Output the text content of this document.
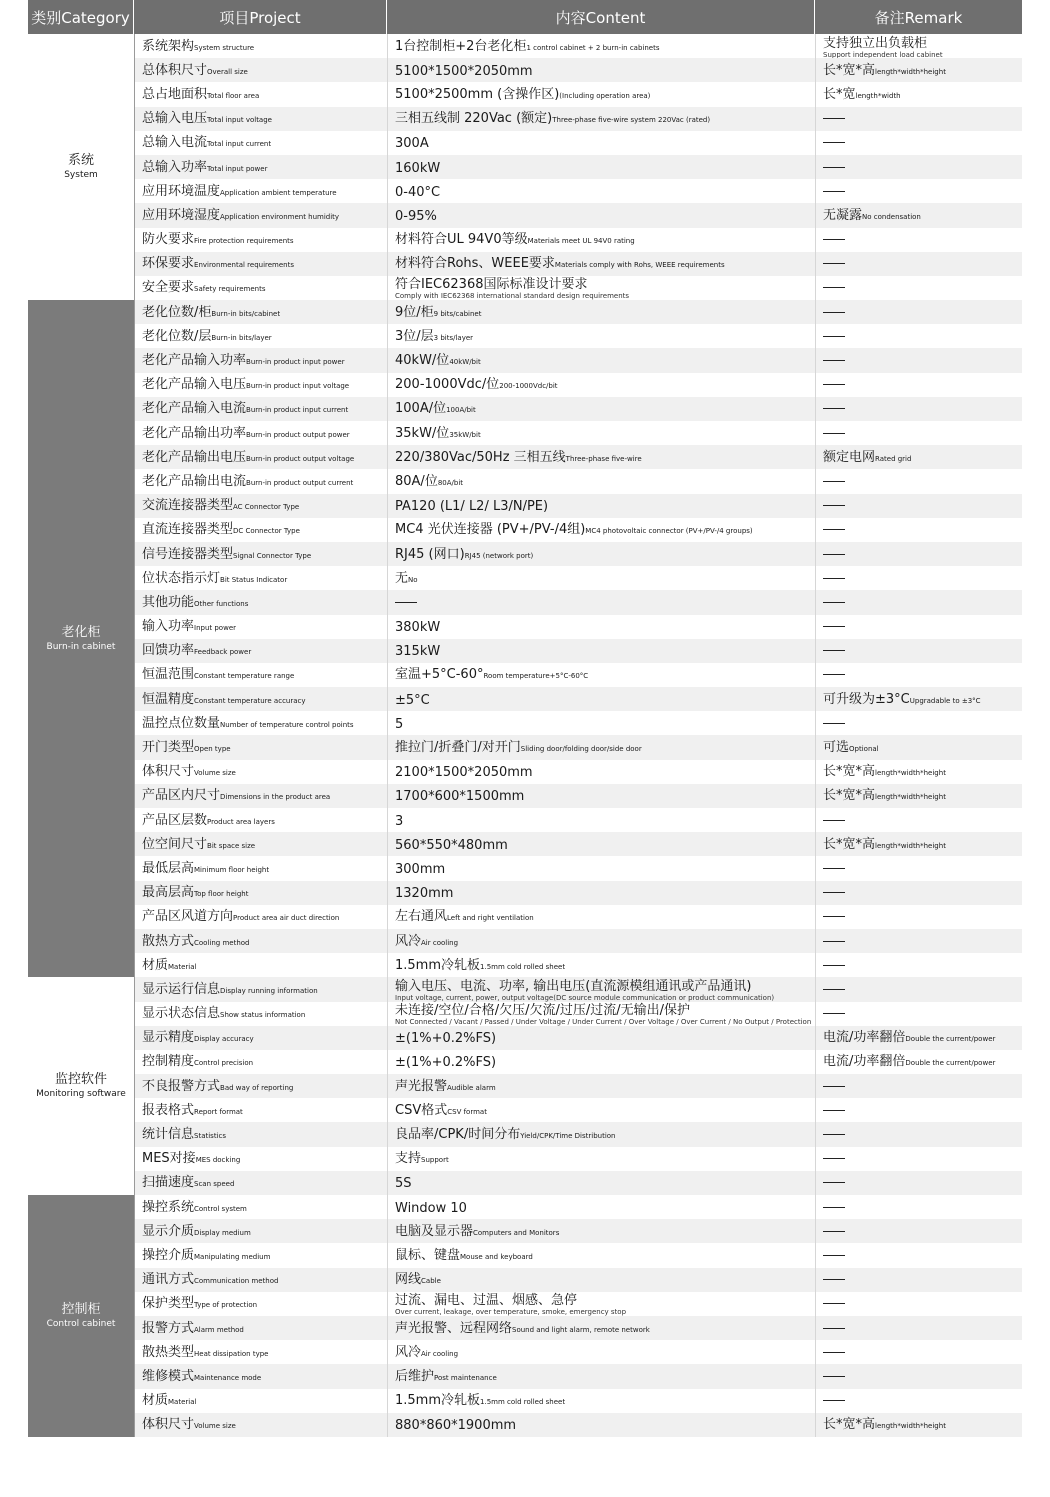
类别Category	项目Project	内容Content	备注Remark
系统
System
系统架构System structure	1台控制柜+2台老化柜1 control cabinet + 2 burn-in cabinets	支持独立出负载柜
Support independent load cabinet
总体积尺寸Overall size	5100*1500*2050mm	长*宽*高length*width*height
总占地面积Total floor area	5100*2500mm (含操作区)(Including operation area)	长*宽length*width
总输入电压Total input voltage	三相五线制 220Vac (额定)Three-phase five-wire system 220Vac (rated)
总输入电流Total input current	300A
总输入功率Total input power	160kW
应用环境温度Application ambient temperature	0-40°C
应用环境湿度Application environment humidity	0-95%	无凝露No condensation
防火要求Fire protection requirements	材料符合UL 94V0等级Materials meet UL 94V0 rating
环保要求Environmental requirements	材料符合Rohs、WEEE要求Materials comply with Rohs, WEEE requirements
安全要求Safety requirements	符合IEC62368国际标准设计要求
Comply with IEC62368 international standard design requirements
老化柜
Burn-in cabinet
老化位数/柜Burn-in bits/cabinet	9位/柜9 bits/cabinet
老化位数/层Burn-in bits/layer	3位/层3 bits/layer
老化产品输入功率Burn-in product input power	40kW/位40kW/bit
老化产品输入电压Burn-in product input voltage	200-1000Vdc/位200-1000Vdc/bit
老化产品输入电流Burn-in product input current	100A/位100A/bit
老化产品输出功率Burn-in product output power	35kW/位35kW/bit
老化产品输出电压Burn-in product output voltage	220/380Vac/50Hz 三相五线Three-phase five-wire	额定电网Rated grid
老化产品输出电流Burn-in product output current	80A/位80A/bit
交流连接器类型AC Connector Type	PA120 (L1/ L2/ L3/N/PE)
直流连接器类型DC Connector Type	MC4 光伏连接器 (PV+/PV-/4组)MC4 photovoltaic connector (PV+/PV-/4 groups)
信号连接器类型Signal Connector Type	RJ45 (网口)RJ45 (network port)
位状态指示灯Bit Status Indicator	无No
其他功能Other functions
输入功率Input power	380kW
回馈功率Feedback power	315kW
恒温范围Constant temperature range	室温+5°C-60°Room temperature+5°C-60°C
恒温精度Constant temperature accuracy	±5°C	可升级为±3°CUpgradable to ±3°C
温控点位数量Number of temperature control points	5
开门类型Open type	推拉门/折叠门/对开门Sliding door/folding door/side door	可选Optional
体积尺寸Volume size	2100*1500*2050mm	长*宽*高length*width*height
产品区内尺寸Dimensions in the product area	1700*600*1500mm	长*宽*高length*width*height
产品区层数Product area layers	3
位空间尺寸Bit space size	560*550*480mm	长*宽*高length*width*height
最低层高Minimum floor height	300mm
最高层高Top floor height	1320mm
产品区风道方向Product area air duct direction	左右通风Left and right ventilation
散热方式Cooling method	风冷Air cooling
材质Material	1.5mm冷轧板1.5mm cold rolled sheet
监控软件
Monitoring software
显示运行信息Display running information	输入电压、电流、功率, 输出电压(直流源模组通讯或产品通讯)
Input voltage, current, power, output voltage(DC source module communication or product communication)
显示状态信息Show status information	未连接/空位/合格/欠压/欠流/过压/过流/无输出/保护
Not Connected / Vacant / Passed / Under Voltage / Under Current / Over Voltage / Over Current / No Output / Protection
显示精度Display accuracy	±(1%+0.2%FS)	电流/功率翻倍Double the current/power
控制精度Control precision	±(1%+0.2%FS)	电流/功率翻倍Double the current/power
不良报警方式Bad way of reporting	声光报警Audible alarm
报表格式Report format	CSV格式CSV format
统计信息Statistics	良品率/CPK/时间分布Yield/CPK/Time Distribution
MES对接MES docking	支持Support
扫描速度Scan speed	5S
控制柜
Control cabinet
操控系统Control system	Window 10
显示介质Display medium	电脑及显示器Computers and Monitors
操控介质Manipulating medium	鼠标、键盘Mouse and keyboard
通讯方式Communication method	网线Cable
保护类型Type of protection	过流、漏电、过温、烟感、急停
Over current, leakage, over temperature, smoke, emergency stop
报警方式Alarm method	声光报警、远程网络Sound and light alarm, remote network
散热类型Heat dissipation type	风冷Air cooling
维修模式Maintenance mode	后维护Post maintenance
材质Material	1.5mm冷轧板1.5mm cold rolled sheet
体积尺寸Volume size	880*860*1900mm	长*宽*高length*width*height
